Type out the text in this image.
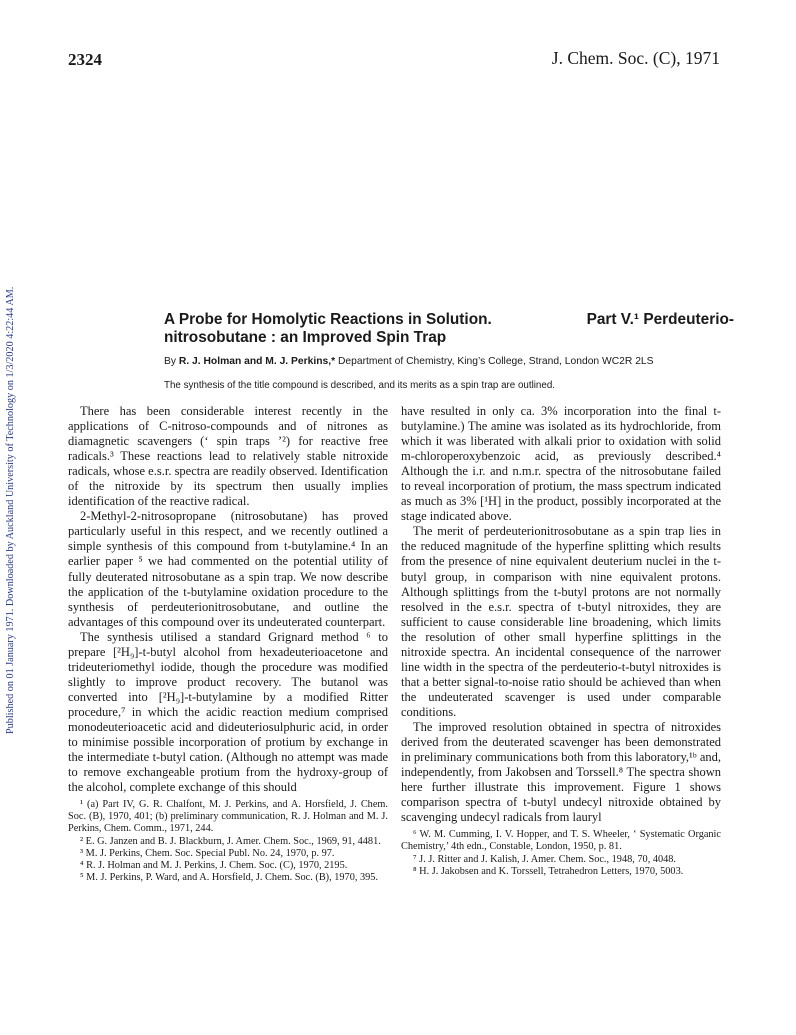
Published on 01 January 1971. Downloaded by Auckland University of Technology on 1/3/2020 4:22:44 AM.
2324	J. Chem. Soc. (C), 1971
A Probe for Homolytic Reactions in Solution.	Part V.¹ Perdeuterio-
nitrosobutane : an Improved Spin Trap
By R. J. Holman and M. J. Perkins,* Department of Chemistry, King’s College, Strand, London WC2R 2LS
The synthesis of the title compound is described, and its merits as a spin trap are outlined.

There has been considerable interest recently in the applications of C-nitroso-compounds and of nitrones as diamagnetic scavengers (‘ spin traps ’²) for reactive free radicals.³ These reactions lead to relatively stable nitroxide radicals, whose e.s.r. spectra are readily observed. Identification of the nitroxide by its spectrum then usually implies identification of the reactive radical.

2-Methyl-2-nitrosopropane (nitrosobutane) has proved particularly useful in this respect, and we recently outlined a simple synthesis of this compound from t-butylamine.⁴ In an earlier paper ⁵ we had commented on the potential utility of fully deuterated nitrosobutane as a spin trap. We now describe the application of the t-butylamine oxidation procedure to the synthesis of perdeuterionitrosobutane, and outline the advantages of this compound over its undeuterated counterpart.

The synthesis utilised a standard Grignard method ⁶ to prepare [²H₉]-t-butyl alcohol from hexadeuterioacetone and trideuteriomethyl iodide, though the procedure was modified slightly to improve product recovery. The butanol was converted into [²H₉]-t-butylamine by a modified Ritter procedure,⁷ in which the acidic reaction medium comprised monodeuterioacetic acid and dideuteriosulphuric acid, in order to minimise possible incorporation of protium by exchange in the intermediate t-butyl cation. (Although no attempt was made to remove exchangeable protium from the hydroxy-group of the alcohol, complete exchange of this should

¹ (a) Part IV, G. R. Chalfont, M. J. Perkins, and A. Horsfield, J. Chem. Soc. (B), 1970, 401; (b) preliminary communication, R. J. Holman and M. J. Perkins, Chem. Comm., 1971, 244.

² E. G. Janzen and B. J. Blackburn, J. Amer. Chem. Soc., 1969, 91, 4481.

³ M. J. Perkins, Chem. Soc. Special Publ. No. 24, 1970, p. 97.

⁴ R. J. Holman and M. J. Perkins, J. Chem. Soc. (C), 1970, 2195.

⁵ M. J. Perkins, P. Ward, and A. Horsfield, J. Chem. Soc. (B), 1970, 395.

have resulted in only ca. 3% incorporation into the final t-butylamine.) The amine was isolated as its hydrochloride, from which it was liberated with alkali prior to oxidation with solid m-chloroperoxybenzoic acid, as previously described.⁴ Although the i.r. and n.m.r. spectra of the nitrosobutane failed to reveal incorporation of protium, the mass spectrum indicated as much as 3% [¹H] in the product, possibly incorporated at the stage indicated above.

The merit of perdeuterionitrosobutane as a spin trap lies in the reduced magnitude of the hyperfine splitting which results from the presence of nine equivalent deuterium nuclei in the t-butyl group, in comparison with nine equivalent protons. Although splittings from the t-butyl protons are not normally resolved in the e.s.r. spectra of t-butyl nitroxides, they are sufficient to cause considerable line broadening, which limits the resolution of other small hyperfine splittings in the nitroxide spectra. An incidental consequence of the narrower line width in the spectra of the perdeuterio-t-butyl nitroxides is that a better signal-to-noise ratio should be achieved than when the undeuterated scavenger is used under comparable conditions.

The improved resolution obtained in spectra of nitroxides derived from the deuterated scavenger has been demonstrated in preliminary communications both from this laboratory,¹ᵇ and, independently, from Jakobsen and Torssell.⁸ The spectra shown here further illustrate this improvement. Figure 1 shows comparison spectra of t-butyl undecyl nitroxide obtained by scavenging undecyl radicals from lauryl

⁶ W. M. Cumming, I. V. Hopper, and T. S. Wheeler, ‘ Systematic Organic Chemistry,’ 4th edn., Constable, London, 1950, p. 81.

⁷ J. J. Ritter and J. Kalish, J. Amer. Chem. Soc., 1948, 70, 4048.

⁸ H. J. Jakobsen and K. Torssell, Tetrahedron Letters, 1970, 5003.
